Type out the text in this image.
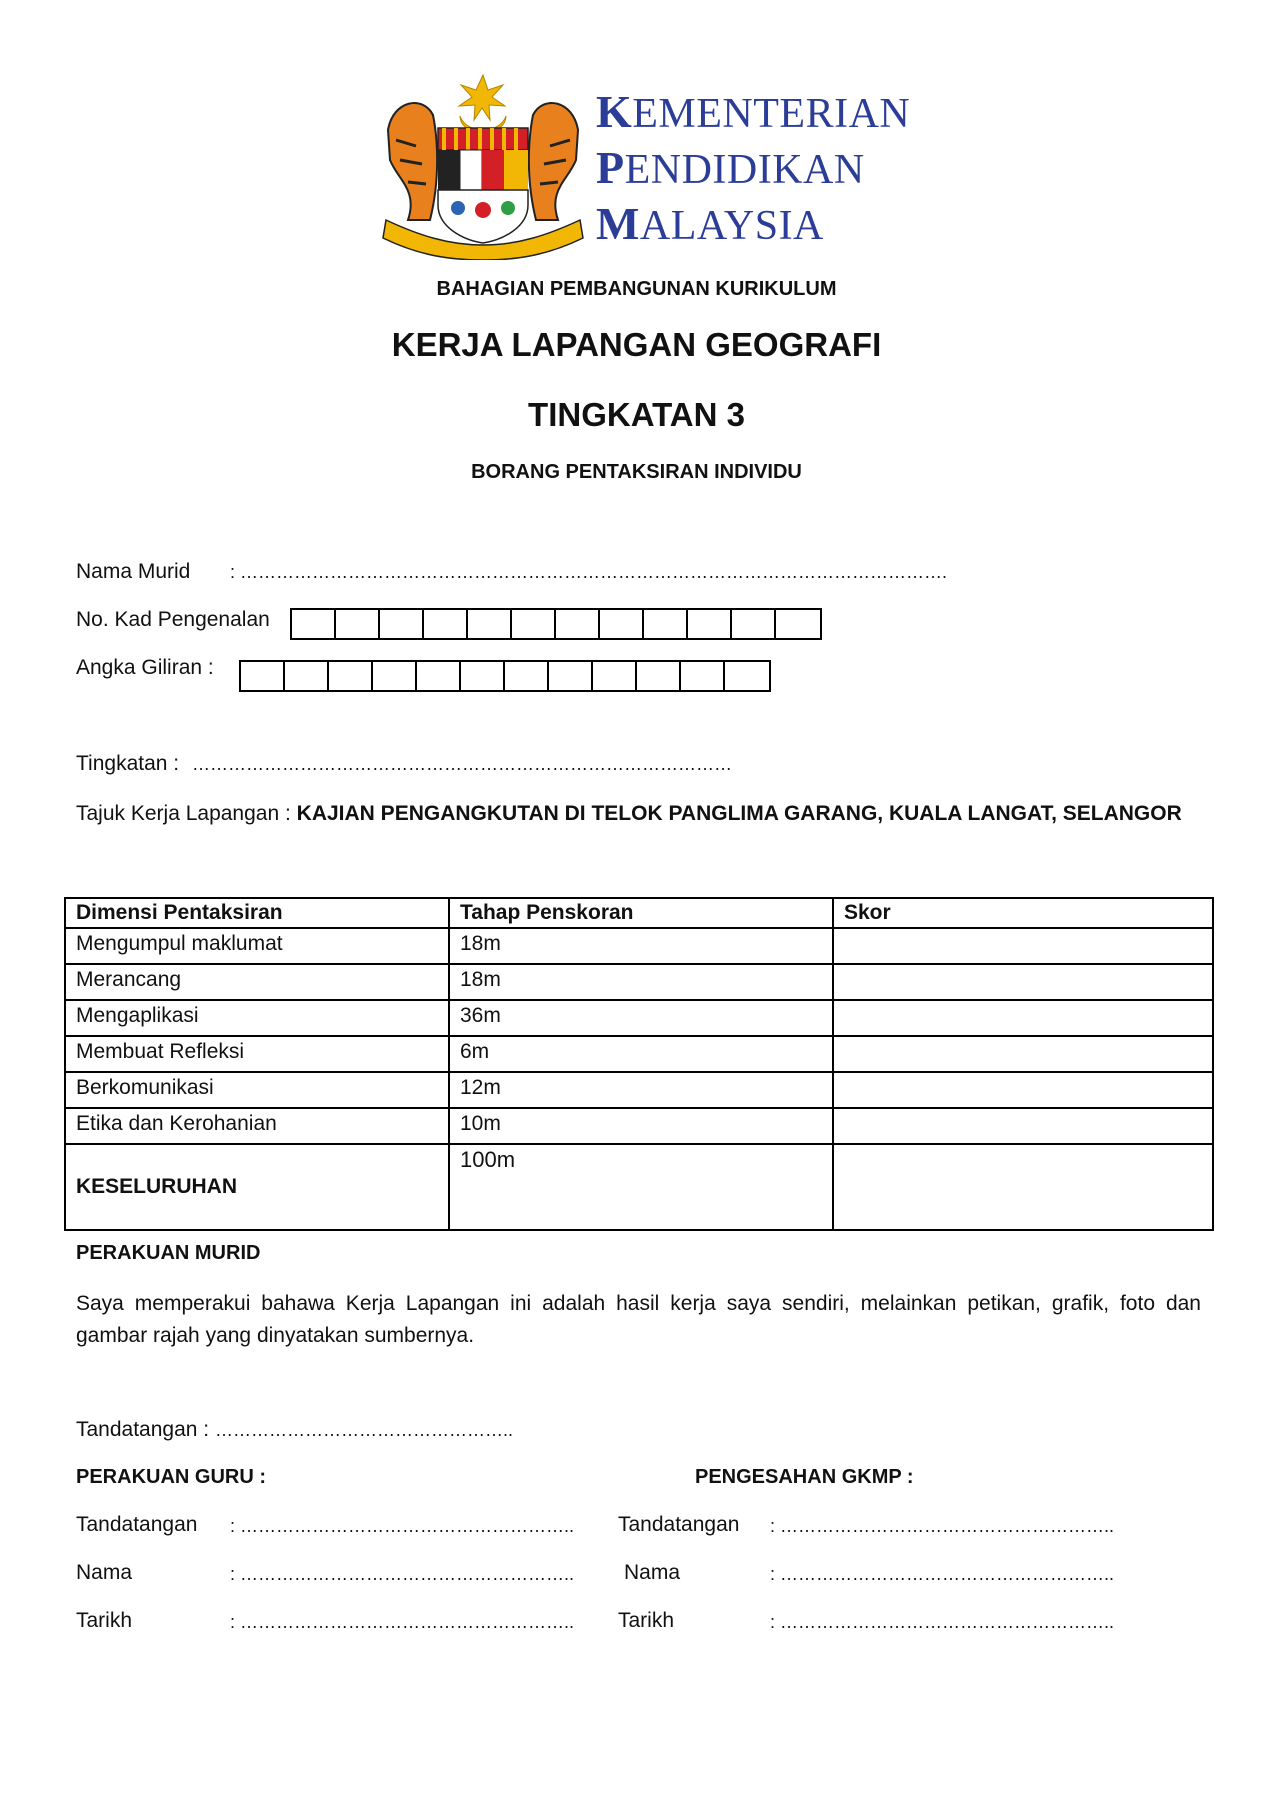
KEMENTERIAN
PENDIDIKAN
MALAYSIA
BAHAGIAN PEMBANGUNAN KURIKULUM
KERJA LAPANGAN GEOGRAFI
TINGKATAN 3
BORANG PENTAKSIRAN INDIVIDU
Nama Murid : ……………………………………………………………………………………………………….
No. Kad Pengenalan
Angka Giliran :
Tingkatan : ………………………………………………………………………………
Tajuk Kerja Lapangan : KAJIAN PENGANGKUTAN DI TELOK PANGLIMA GARANG, KUALA LANGAT, SELANGOR
Dimensi Pentaksiran	Tahap Penskoran	Skor
Mengumpul maklumat	18m	
Merancang	18m	
Mengaplikasi	36m	
Membuat Refleksi	6m	
Berkomunikasi	12m	
Etika dan Kerohanian	10m	
KESELURUHAN	100m	
PERAKUAN MURID
Saya memperakui bahawa Kerja Lapangan ini adalah hasil kerja saya sendiri, melainkan petikan, grafik, foto dan gambar rajah yang dinyatakan sumbernya.
Tandatangan : …………………………………………..
PERAKUAN GURU :
Tandatangan : ………………………………………………..
Nama	: ………………………………………………..
Tarikh	: ………………………………………………..
PENGESAHAN GKMP :
Tandatangan : ………………………………………………..
Nama	: ………………………………………………..
Tarikh	: ………………………………………………..
